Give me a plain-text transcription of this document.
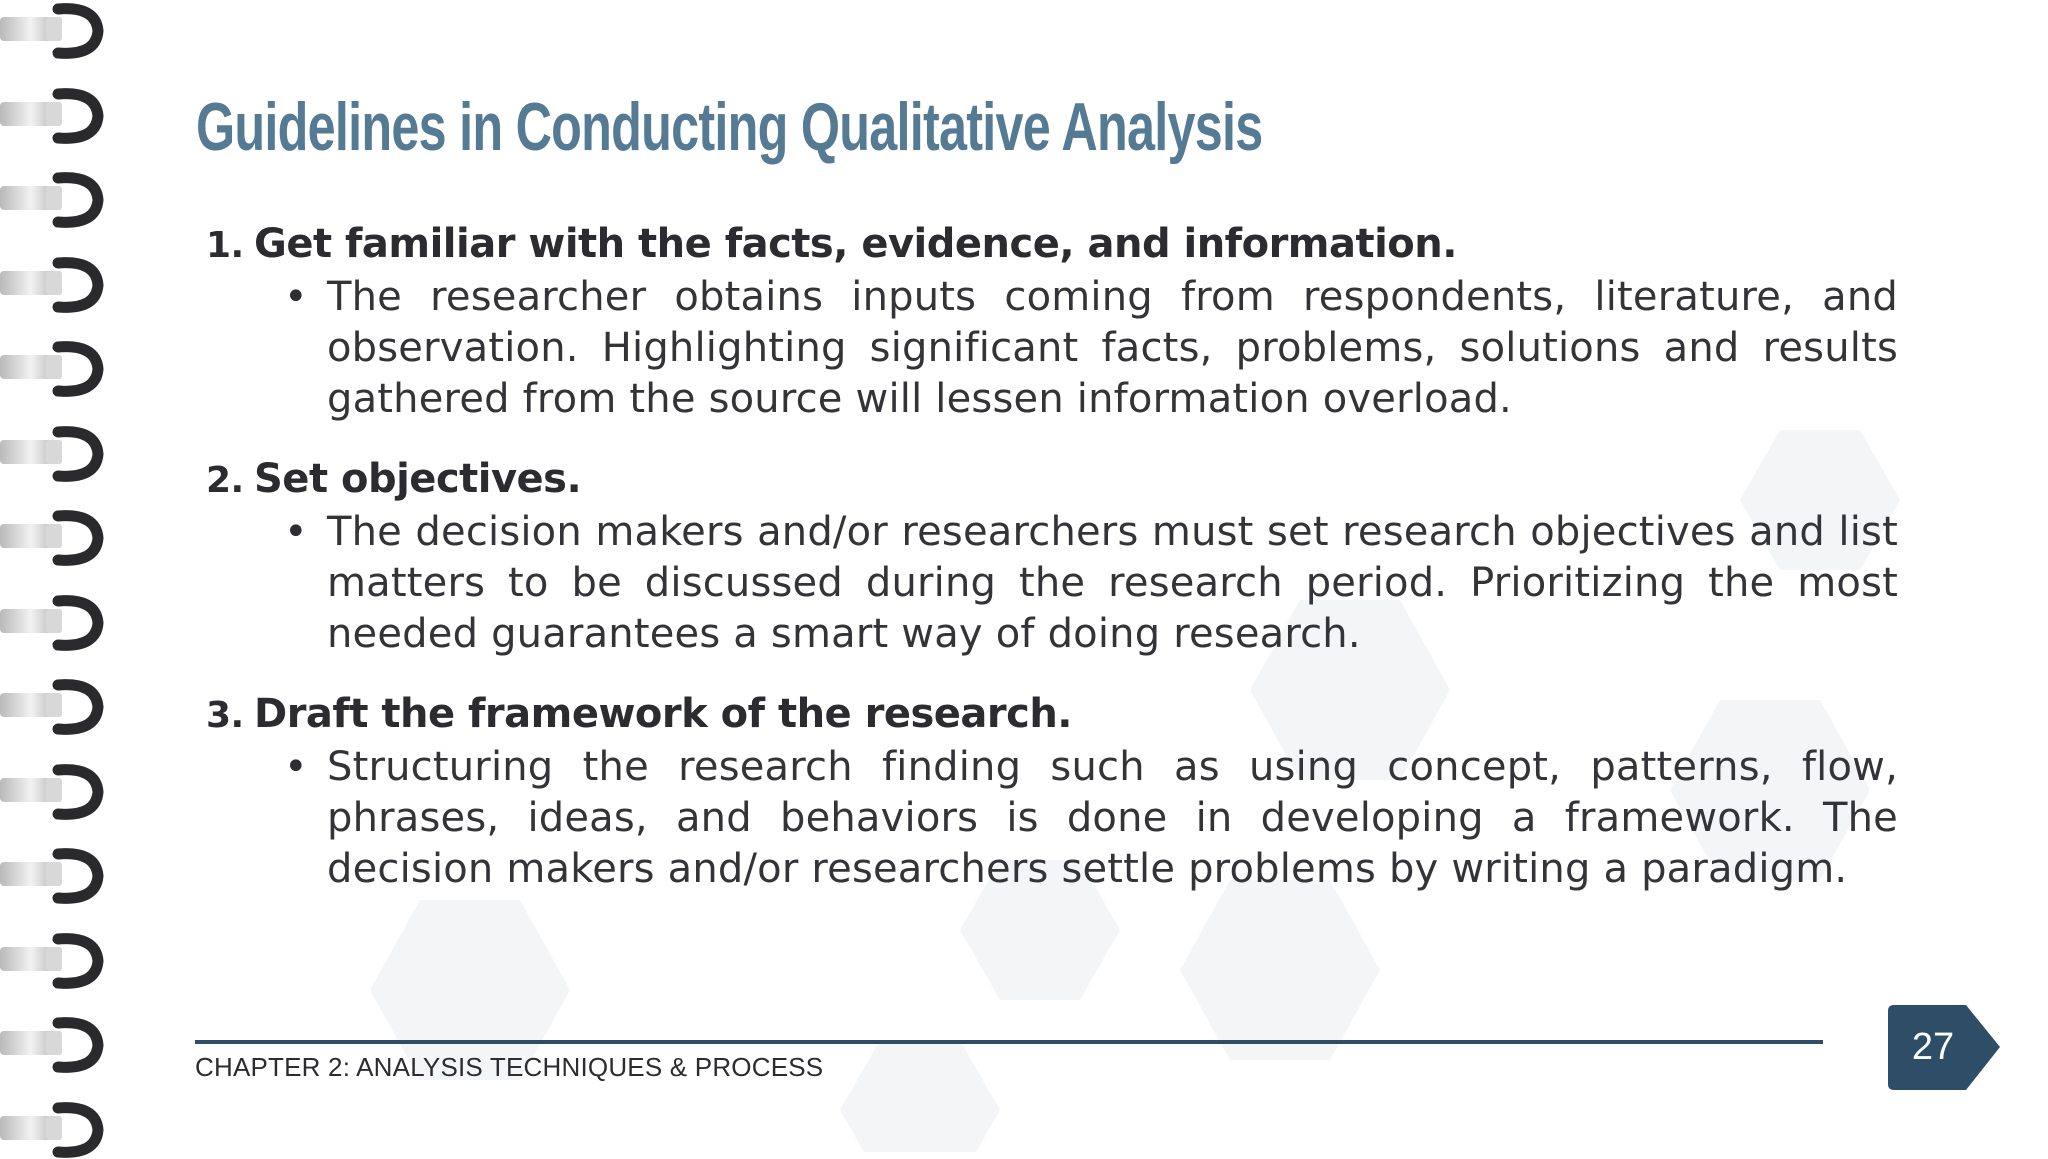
Guidelines in Conducting Qualitative Analysis
1. Get familiar with the facts, evidence, and information.
• The researcher obtains inputs coming from respondents, literature, and observation. Highlighting significant facts, problems, solutions and results gathered from the source will lessen information overload.
2. Set objectives.
• The decision makers and/or researchers must set research objectives and list matters to be discussed during the research period. Prioritizing the most needed guarantees a smart way of doing research.
3. Draft the framework of the research.
• Structuring the research finding such as using concept, patterns, flow, phrases, ideas, and behaviors is done in developing a framework. The decision makers and/or researchers settle problems by writing a paradigm.
CHAPTER 2: ANALYSIS TECHNIQUES & PROCESS	27
